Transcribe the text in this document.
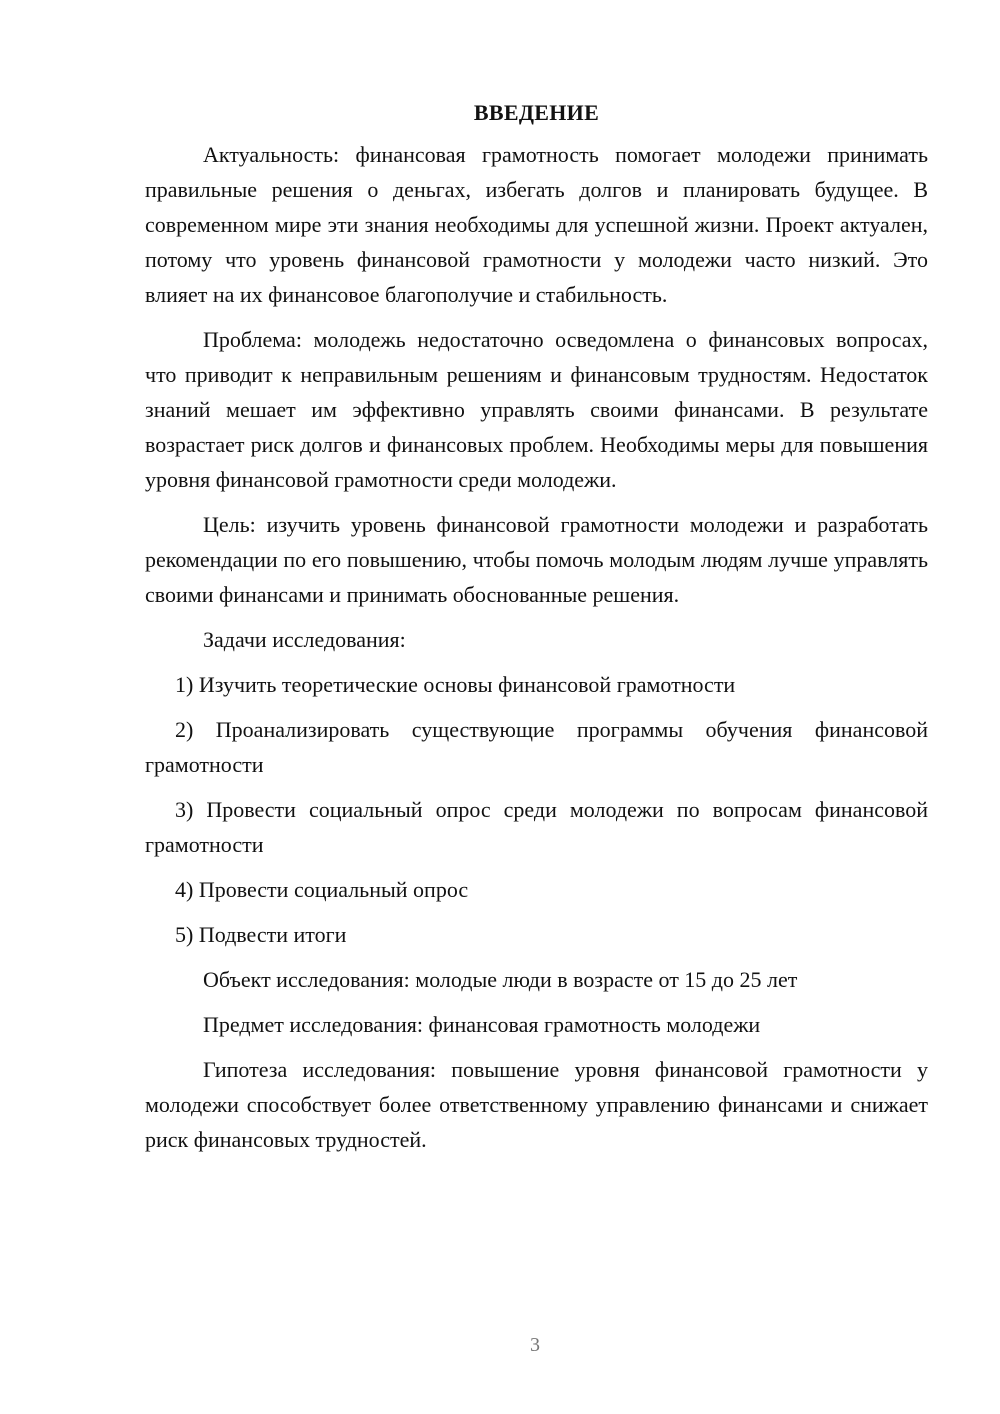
ВВЕДЕНИЕ

Актуальность: финансовая грамотность помогает молодежи принимать правильные решения о деньгах, избегать долгов и планировать будущее. В современном мире эти знания необходимы для успешной жизни. Проект актуален, потому что уровень финансовой грамотности у молодежи часто низкий. Это влияет на их финансовое благополучие и стабильность.

Проблема: молодежь недостаточно осведомлена о финансовых вопросах, что приводит к неправильным решениям и финансовым трудностям. Недостаток знаний мешает им эффективно управлять своими финансами. В результате возрастает риск долгов и финансовых проблем. Необходимы меры для повышения уровня финансовой грамотности среди молодежи.

Цель: изучить уровень финансовой грамотности молодежи и разработать рекомендации по его повышению, чтобы помочь молодым людям лучше управлять своими финансами и принимать обоснованные решения.

Задачи исследования:

1) Изучить теоретические основы финансовой грамотности

2) Проанализировать существующие программы обучения финансовой грамотности

3) Провести социальный опрос среди молодежи по вопросам финансовой грамотности

4) Провести социальный опрос

5) Подвести итоги

Объект исследования: молодые люди в возрасте от 15 до 25 лет

Предмет исследования: финансовая грамотность молодежи

Гипотеза исследования: повышение уровня финансовой грамотности у молодежи способствует более ответственному управлению финансами и снижает риск финансовых трудностей.

3
